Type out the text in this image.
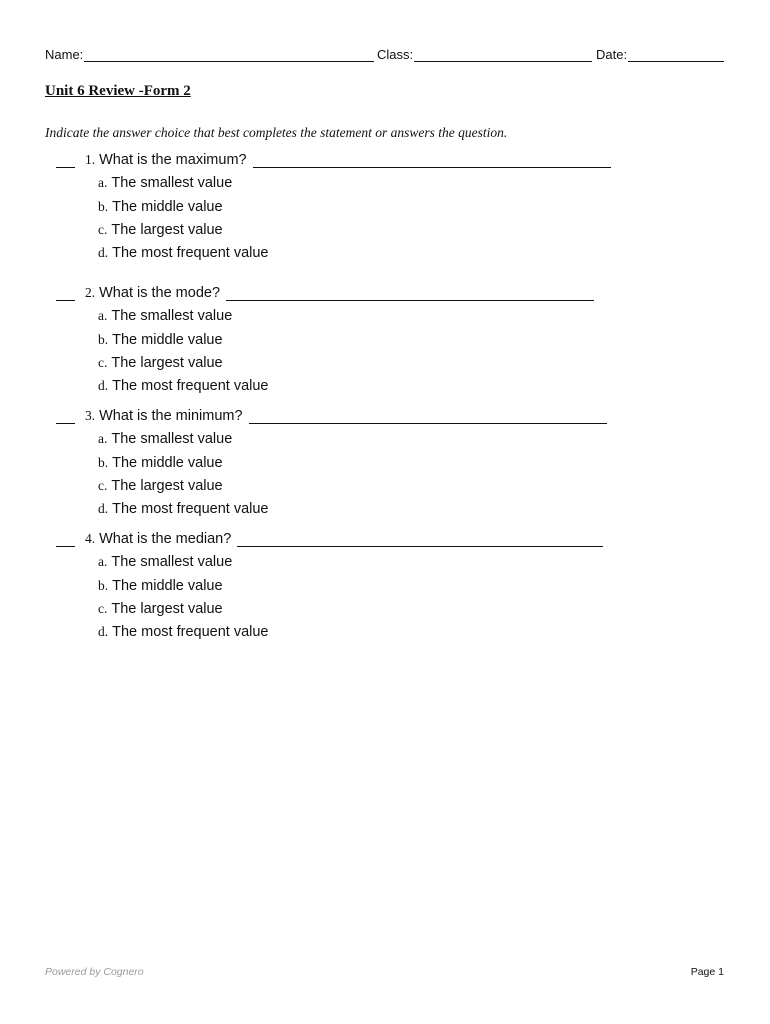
Name:	Class:	Date:
Unit 6 Review -Form 2
Indicate the answer choice that best completes the statement or answers the question.
1. What is the maximum?
a. The smallest value
b. The middle value
c. The largest value
d. The most frequent value
2. What is the mode?
a. The smallest value
b. The middle value
c. The largest value
d. The most frequent value
3. What is the minimum?
a. The smallest value
b. The middle value
c. The largest value
d. The most frequent value
4. What is the median?
a. The smallest value
b. The middle value
c. The largest value
d. The most frequent value
Powered by Cognero	Page 1
